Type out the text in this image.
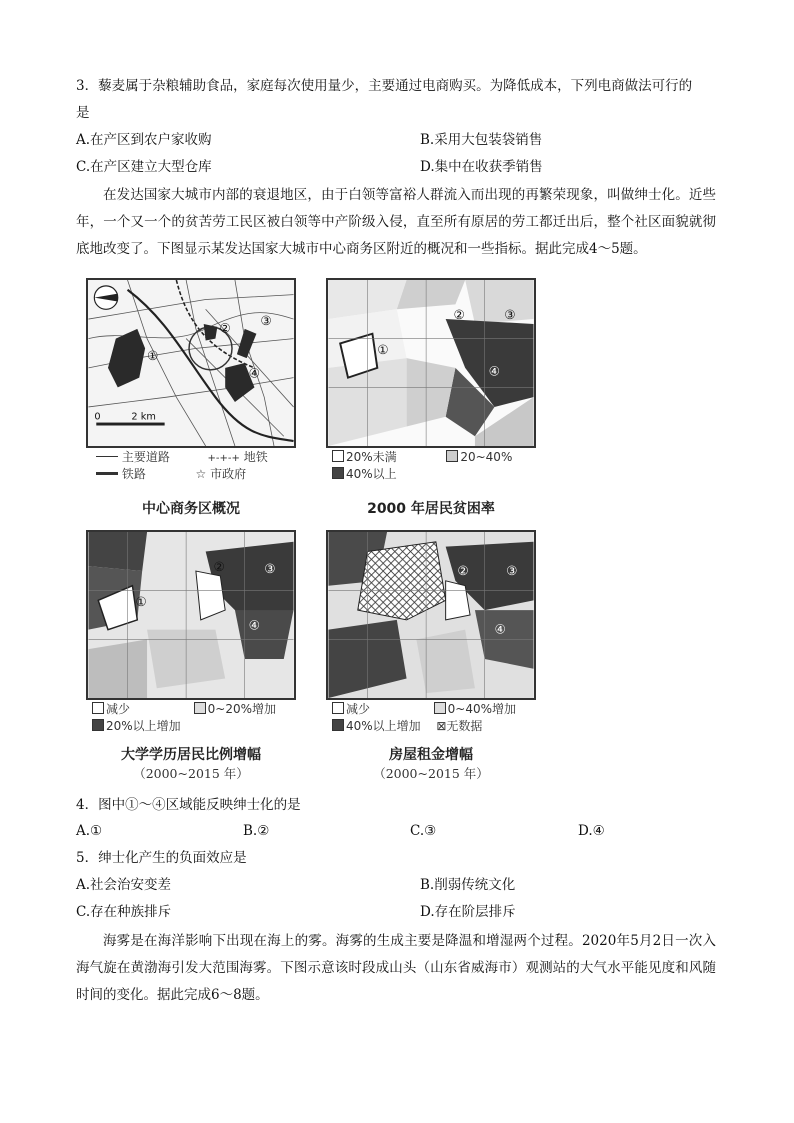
3．藜麦属于杂粮辅助食品，家庭每次使用量少，主要通过电商购买。为降低成本，下列电商做法可行的
是
A.在产区到农户家收购	B.采用大包装袋销售
C.在产区建立大型仓库	D.集中在收获季销售
在发达国家大城市内部的衰退地区，由于白领等富裕人群流入而出现的再繁荣现象，叫做绅士化。近些年，一个又一个的贫苦劳工民区被白领等中产阶级入侵，直至所有原居的劳工都迁出后，整个社区面貌就彻底地改变了。下图显示某发达国家大城市中心商务区附近的概况和一些指标。据此完成4～5题。
①
②
③
④
0	2 km
主要道路	+-+-+ 地铁
铁路	☆ 市政府
中心商务区概况
①
②	③
④
20%未满	20~40%
40%以上
2000 年居民贫困率
①
②	③
④
减少	0~20%增加
20%以上增加
大学学历居民比例增幅
（2000~2015 年）
②	③
④
减少	0~40%增加
40%以上增加 ⊠无数据
房屋租金增幅
（2000~2015 年）
4．图中①～④区域能反映绅士化的是
A.①	B.②	C.③	D.④
5．绅士化产生的负面效应是
A.社会治安变差	B.削弱传统文化
C.存在种族排斥	D.存在阶层排斥
海雾是在海洋影响下出现在海上的雾。海雾的生成主要是降温和增湿两个过程。2020年5月2日一次入海气旋在黄渤海引发大范围海雾。下图示意该时段成山头（山东省威海市）观测站的大气水平能见度和风随时间的变化。据此完成6～8题。
